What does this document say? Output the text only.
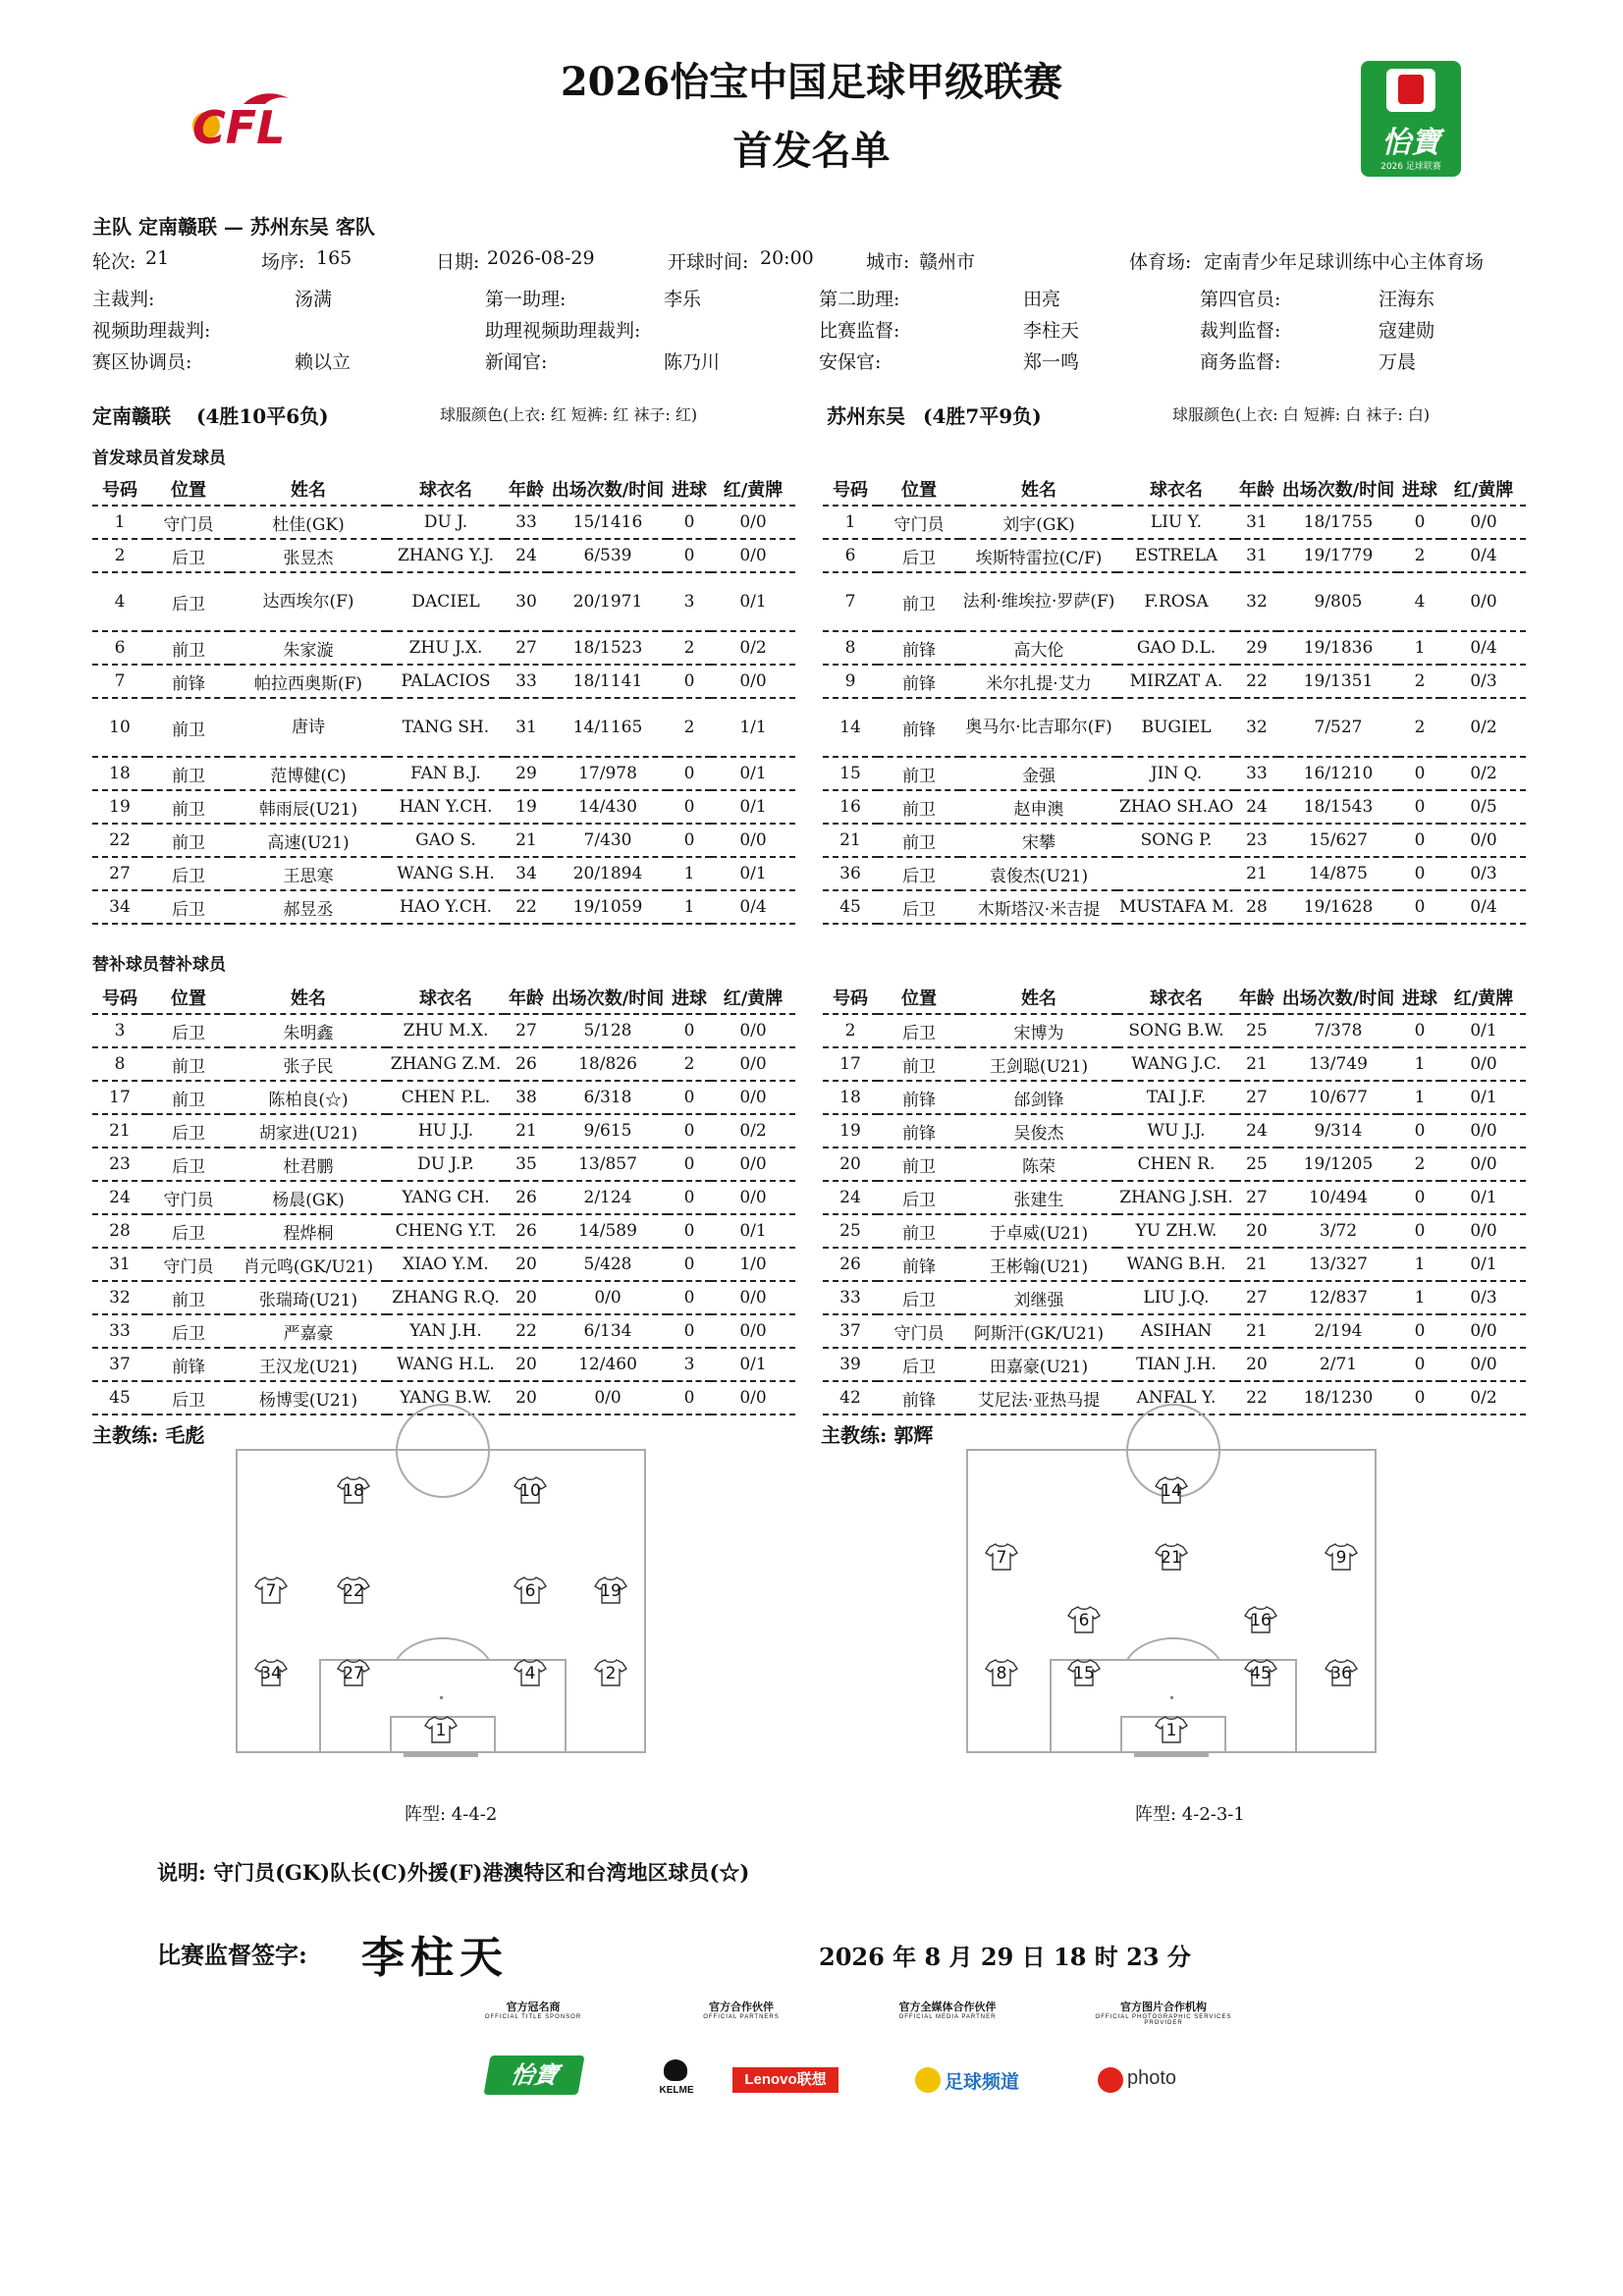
CFL
2026怡宝中国足球甲级联赛
首发名单	怡寶
2026 足球联赛
主队 定南赣联 — 苏州东吴 客队
轮次: 21	场序: 165	日期: 2026-08-29	开球时间: 20:00	城市: 赣州市	体育场: 定南青少年足球训练中心主体育场
主裁判:	汤满	第一助理:	李乐	第二助理:	田亮	第四官员:	汪海东
视频助理裁判:	助理视频助理裁判:	比赛监督:	李柱天	裁判监督:	寇建勋
赛区协调员:	赖以立	新闻官:	陈乃川	安保官:	郑一鸣	商务监督:	万晨
定南赣联 (4胜10平6负)	球服颜色(上衣: 红 短裤: 红 袜子: 红)	苏州东吴 (4胜7平9负)	球服颜色(上衣: 白 短裤: 白 袜子: 白)
首发球员首发球员
替补球员替补球员
号码	位置	姓名	球衣名	年龄	出场次数/时间	进球	红/黄牌
1	守门员	杜佳(GK)	DU J.	33	15/1416	0	0/0
2	后卫	张昱杰	ZHANG Y.J.	24	6/539	0	0/0
4	后卫	达西埃尔(F)	DACIEL	30	20/1971	3	0/1
6	前卫	朱家漩	ZHU J.X.	27	18/1523	2	0/2
7	前锋	帕拉西奥斯(F)	PALACIOS	33	18/1141	0	0/0
10	前卫	唐诗	TANG SH.	31	14/1165	2	1/1
18	前卫	范博健(C)	FAN B.J.	29	17/978	0	0/1
19	前卫	韩雨辰(U21)	HAN Y.CH.	19	14/430	0	0/1
22	前卫	高速(U21)	GAO S.	21	7/430	0	0/0
27	后卫	王思寒	WANG S.H.	34	20/1894	1	0/1
34	后卫	郝昱丞	HAO Y.CH.	22	19/1059	1	0/4
号码	位置	姓名	球衣名	年龄	出场次数/时间	进球	红/黄牌
1	守门员	刘宇(GK)	LIU Y.	31	18/1755	0	0/0
6	后卫	埃斯特雷拉(C/F)	ESTRELA	31	19/1779	2	0/4
7	前卫	法利·维埃拉·罗萨(F)	F.ROSA	32	9/805	4	0/0
8	前锋	高大伦	GAO D.L.	29	19/1836	1	0/4
9	前锋	米尔扎提·艾力	MIRZAT A.	22	19/1351	2	0/3
14	前锋	奥马尔·比吉耶尔(F)	BUGIEL	32	7/527	2	0/2
15	前卫	金强	JIN Q.	33	16/1210	0	0/2
16	前卫	赵申澳	ZHAO SH.AO	24	18/1543	0	0/5
21	前卫	宋攀	SONG P.	23	15/627	0	0/0
36	后卫	袁俊杰(U21)		21	14/875	0	0/3
45	后卫	木斯塔汉·米吉提	MUSTAFA M.	28	19/1628	0	0/4
号码	位置	姓名	球衣名	年龄	出场次数/时间	进球	红/黄牌
3	后卫	朱明鑫	ZHU M.X.	27	5/128	0	0/0
8	前卫	张子民	ZHANG Z.M.	26	18/826	2	0/0
17	前卫	陈柏良(☆)	CHEN P.L.	38	6/318	0	0/0
21	后卫	胡家进(U21)	HU J.J.	21	9/615	0	0/2
23	后卫	杜君鹏	DU J.P.	35	13/857	0	0/0
24	守门员	杨晨(GK)	YANG CH.	26	2/124	0	0/0
28	后卫	程烨桐	CHENG Y.T.	26	14/589	0	0/1
31	守门员	肖元鸣(GK/U21)	XIAO Y.M.	20	5/428	0	1/0
32	前卫	张瑞琦(U21)	ZHANG R.Q.	20	0/0	0	0/0
33	后卫	严嘉豪	YAN J.H.	22	6/134	0	0/0
37	前锋	王汉龙(U21)	WANG H.L.	20	12/460	3	0/1
45	后卫	杨博雯(U21)	YANG B.W.	20	0/0	0	0/0
号码	位置	姓名	球衣名	年龄	出场次数/时间	进球	红/黄牌
2	后卫	宋博为	SONG B.W.	25	7/378	0	0/1
17	前卫	王剑聪(U21)	WANG J.C.	21	13/749	1	0/0
18	前锋	邰剑锋	TAI J.F.	27	10/677	1	0/1
19	前锋	吴俊杰	WU J.J.	24	9/314	0	0/0
20	前卫	陈荣	CHEN R.	25	19/1205	2	0/0
24	后卫	张建生	ZHANG J.SH.	27	10/494	0	0/1
25	前卫	于卓威(U21)	YU ZH.W.	20	3/72	0	0/0
26	前锋	王彬翰(U21)	WANG B.H.	21	13/327	1	0/1
33	后卫	刘继强	LIU J.Q.	27	12/837	1	0/3
37	守门员	阿斯汗(GK/U21)	ASIHAN	21	2/194	0	0/0
39	后卫	田嘉豪(U21)	TIAN J.H.	20	2/71	0	0/0
42	前锋	艾尼法·亚热马提	ANFAL Y.	22	18/1230	0	0/2
主教练: 毛彪	主教练: 郭辉
18	10
7	22	6	19
34	27	4	2
1
14
7	21	9
6	16
8	15	45	36
1
阵型: 4-4-2	阵型: 4-2-3-1
说明: 守门员(GK)队长(C)外援(F)港澳特区和台湾地区球员(☆)
比赛监督签字: 李柱天	2026 年 8 月 29 日 18 时 23 分
官方冠名商
OFFICIAL TITLE SPONSOR
官方合作伙伴
OFFICIAL PARTNERS
官方全媒体合作伙伴
OFFICIAL MEDIA PARTNER
官方图片合作机构
OFFICIAL PHOTOGRAPHIC SERVICES PROVIDER
怡寶
KELME
Lenovo联想	足球频道	photo
